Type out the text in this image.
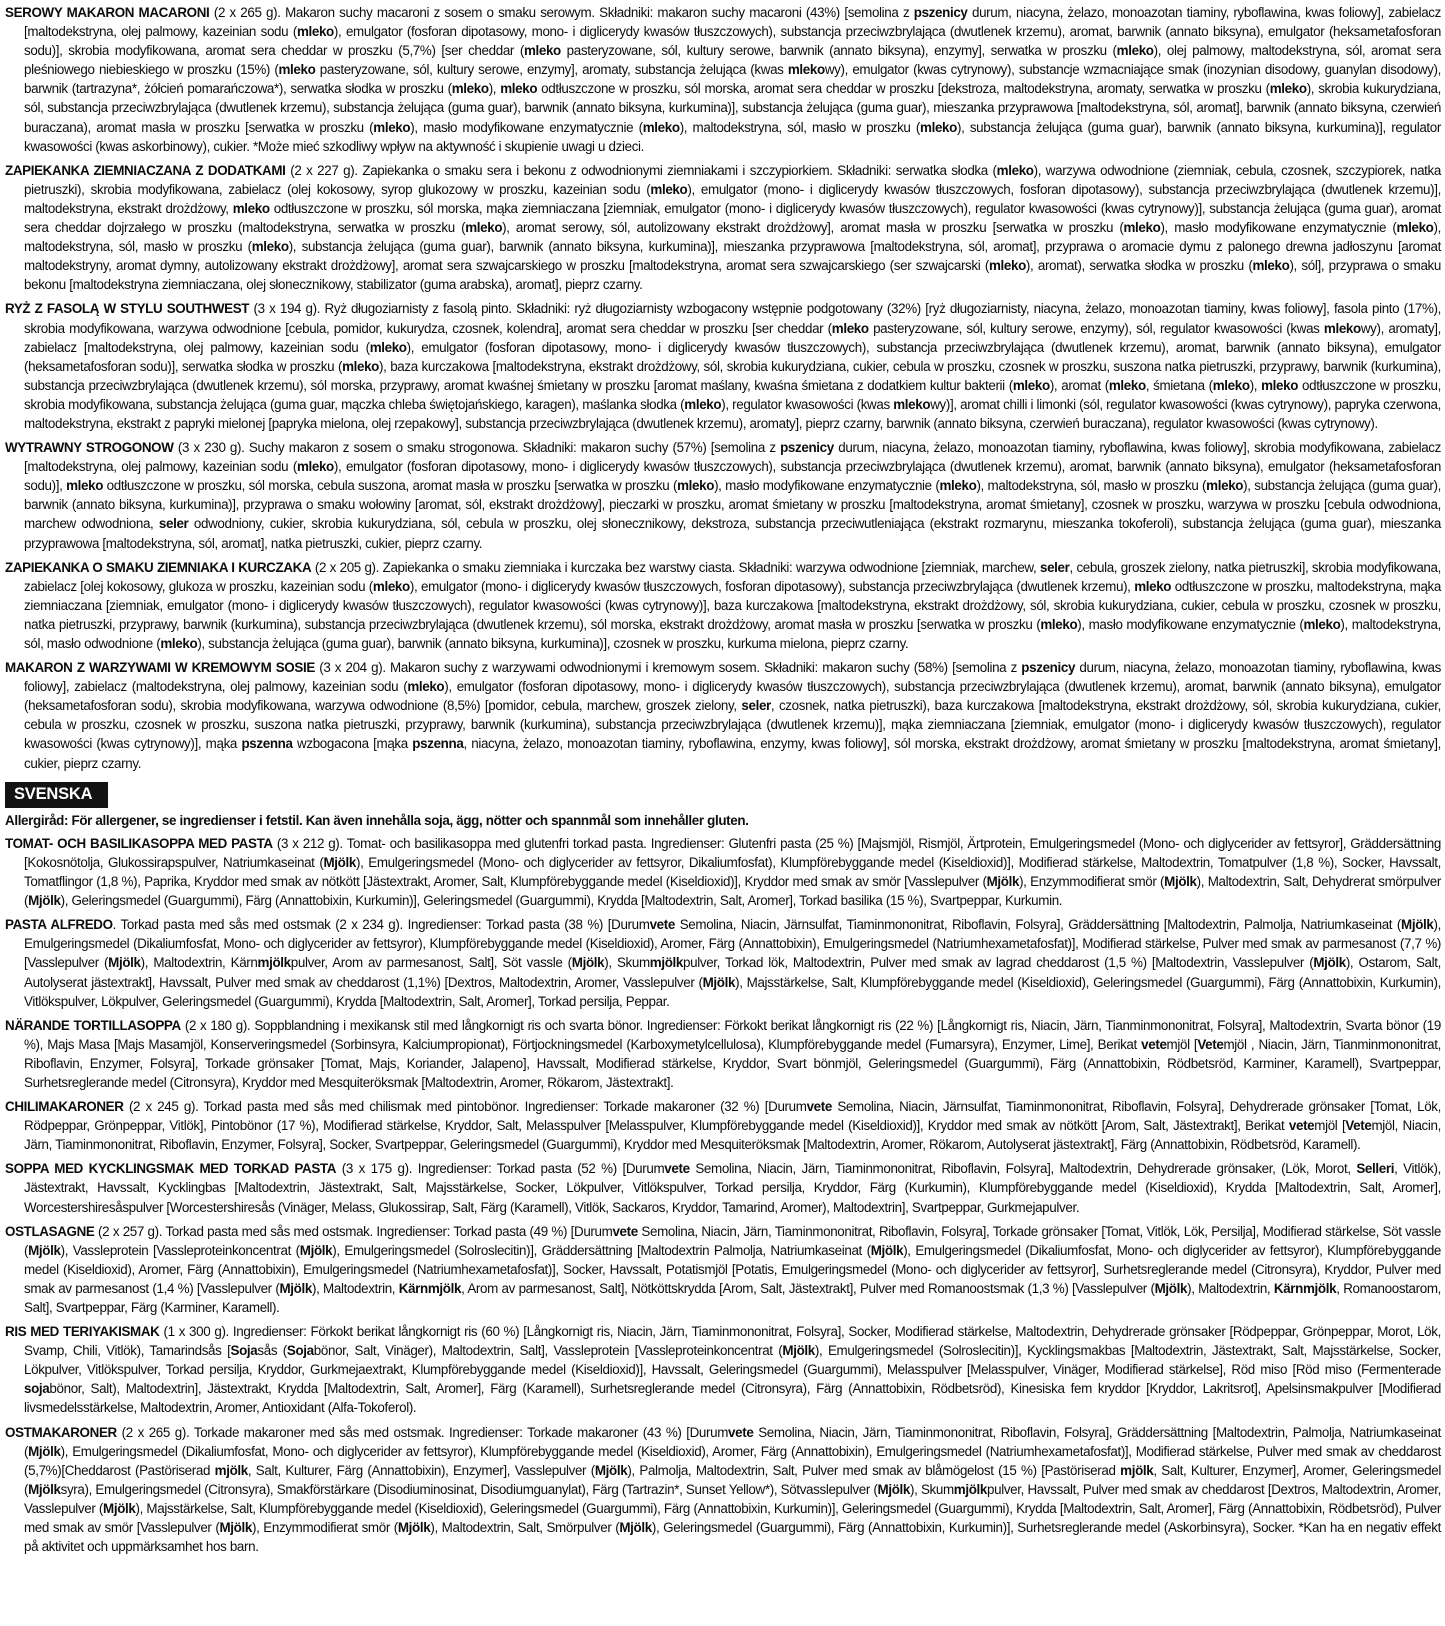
SEROWY MAKARON MACARONI (2 x 265 g). Makaron suchy macaroni z sosem o smaku serowym. Składniki: makaron suchy macaroni (43%) [semolina z pszenicy durum, niacyna, żelazo, monoazotan tiaminy, ryboflawina, kwas foliowy], zabielacz [maltodekstryna, olej palmowy, kazeinian sodu (mleko), emulgator (fosforan dipotasowy, mono- i diglicerydy kwasów tłuszczowych), substancja przeciwzbrylająca (dwutlenek krzemu), aromat, barwnik (annato biksyna), emulgator (heksametafosforan sodu)], skrobia modyfikowana, aromat sera cheddar w proszku (5,7%) [ser cheddar (mleko pasteryzowane, sól, kultury serowe, barwnik (annato biksyna), enzymy], serwatka w proszku (mleko), olej palmowy, maltodekstryna, sól, aromat sera pleśniowego niebieskiego w proszku (15%) (mleko pasteryzowane, sól, kultury serowe, enzymy], aromaty, substancja żelująca (kwas mlekowy), emulgator (kwas cytrynowy), substancje wzmacniające smak (inozynian disodowy, guanylan disodowy), barwnik (tartrazyna*, żółcień pomarańczowa*), serwatka słodka w proszku (mleko), mleko odtłuszczone w proszku, sól morska, aromat sera cheddar w proszku [dekstroza, maltodekstryna, aromaty, serwatka w proszku (mleko), skrobia kukurydziana, sól, substancja przeciwzbrylająca (dwutlenek krzemu), substancja żelująca (guma guar), barwnik (annato biksyna, kurkumina)], substancja żelująca (guma guar), mieszanka przyprawowa [maltodekstryna, sól, aromat], barwnik (annato biksyna, czerwień buraczana), aromat masła w proszku [serwatka w proszku (mleko), masło modyfikowane enzymatycznie (mleko), maltodekstryna, sól, masło w proszku (mleko), substancja żelująca (guma guar), barwnik (annato biksyna, kurkumina)], regulator kwasowości (kwas askorbinowy), cukier. *Może mieć szkodliwy wpływ na aktywność i skupienie uwagi u dzieci.

ZAPIEKANKA ZIEMNIACZANA Z DODATKAMI (2 x 227 g). Zapiekanka o smaku sera i bekonu z odwodnionymi ziemniakami i szczypiorkiem. Składniki: serwatka słodka (mleko), warzywa odwodnione (ziemniak, cebula, czosnek, szczypiorek, natka pietruszki), skrobia modyfikowana, zabielacz (olej kokosowy, syrop glukozowy w proszku, kazeinian sodu (mleko), emulgator (mono- i diglicerydy kwasów tłuszczowych, fosforan dipotasowy), substancja przeciwzbrylająca (dwutlenek krzemu)], maltodekstryna, ekstrakt drożdżowy, mleko odtłuszczone w proszku, sól morska, mąka ziemniaczana [ziemniak, emulgator (mono- i diglicerydy kwasów tłuszczowych), regulator kwasowości (kwas cytrynowy)], substancja żelująca (guma guar), aromat sera cheddar dojrzałego w proszku (maltodekstryna, serwatka w proszku (mleko), aromat serowy, sól, autolizowany ekstrakt drożdżowy], aromat masła w proszku [serwatka w proszku (mleko), masło modyfikowane enzymatycznie (mleko), maltodekstryna, sól, masło w proszku (mleko), substancja żelująca (guma guar), barwnik (annato biksyna, kurkumina)], mieszanka przyprawowa [maltodekstryna, sól, aromat], przyprawa o aromacie dymu z palonego drewna jadłoszynu [aromat maltodekstryny, aromat dymny, autolizowany ekstrakt drożdżowy], aromat sera szwajcarskiego w proszku [maltodekstryna, aromat sera szwajcarskiego (ser szwajcarski (mleko), aromat), serwatka słodka w proszku (mleko), sól], przyprawa o smaku bekonu [maltodekstryna ziemniaczana, olej słonecznikowy, stabilizator (guma arabska), aromat], pieprz czarny.

RYŻ Z FASOLĄ W STYLU SOUTHWEST (3 x 194 g). Ryż długoziarnisty z fasolą pinto. Składniki: ryż długoziarnisty wzbogacony wstępnie podgotowany (32%) [ryż długoziarnisty, niacyna, żelazo, monoazotan tiaminy, kwas foliowy], fasola pinto (17%), skrobia modyfikowana, warzywa odwodnione [cebula, pomidor, kukurydza, czosnek, kolendra], aromat sera cheddar w proszku [ser cheddar (mleko pasteryzowane, sól, kultury serowe, enzymy), sól, regulator kwasowości (kwas mlekowy), aromaty], zabielacz [maltodekstryna, olej palmowy, kazeinian sodu (mleko), emulgator (fosforan dipotasowy, mono- i diglicerydy kwasów tłuszczowych), substancja przeciwzbrylająca (dwutlenek krzemu), aromat, barwnik (annato biksyna), emulgator (heksametafosforan sodu)], serwatka słodka w proszku (mleko), baza kurczakowa [maltodekstryna, ekstrakt drożdżowy, sól, skrobia kukurydziana, cukier, cebula w proszku, czosnek w proszku, suszona natka pietruszki, przyprawy, barwnik (kurkumina), substancja przeciwzbrylająca (dwutlenek krzemu), sól morska, przyprawy, aromat kwaśnej śmietany w proszku [aromat maślany, kwaśna śmietana z dodatkiem kultur bakterii (mleko), aromat (mleko, śmietana (mleko), mleko odtłuszczone w proszku, skrobia modyfikowana, substancja żelująca (guma guar, mączka chleba świętojańskiego, karagen), maślanka słodka (mleko), regulator kwasowości (kwas mlekowy)], aromat chilli i limonki (sól, regulator kwasowości (kwas cytrynowy), papryka czerwona, maltodekstryna, ekstrakt z papryki mielonej [papryka mielona, olej rzepakowy], substancja przeciwzbrylająca (dwutlenek krzemu), aromaty], pieprz czarny, barwnik (annato biksyna, czerwień buraczana), regulator kwasowości (kwas cytrynowy).

WYTRAWNY STROGONOW (3 x 230 g). Suchy makaron z sosem o smaku strogonowa. Składniki: makaron suchy (57%) [semolina z pszenicy durum, niacyna, żelazo, monoazotan tiaminy, ryboflawina, kwas foliowy], skrobia modyfikowana, zabielacz [maltodekstryna, olej palmowy, kazeinian sodu (mleko), emulgator (fosforan dipotasowy, mono- i diglicerydy kwasów tłuszczowych), substancja przeciwzbrylająca (dwutlenek krzemu), aromat, barwnik (annato biksyna), emulgator (heksametafosforan sodu)], mleko odtłuszczone w proszku, sól morska, cebula suszona, aromat masła w proszku [serwatka w proszku (mleko), masło modyfikowane enzymatycznie (mleko), maltodekstryna, sól, masło w proszku (mleko), substancja żelująca (guma guar), barwnik (annato biksyna, kurkumina)], przyprawa o smaku wołowiny [aromat, sól, ekstrakt drożdżowy], pieczarki w proszku, aromat śmietany w proszku [maltodekstryna, aromat śmietany], czosnek w proszku, warzywa w proszku [cebula odwodniona, marchew odwodniona, seler odwodniony, cukier, skrobia kukurydziana, sól, cebula w proszku, olej słonecznikowy, dekstroza, substancja przeciwutleniająca (ekstrakt rozmarynu, mieszanka tokoferoli), substancja żelująca (guma guar), mieszanka przyprawowa [maltodekstryna, sól, aromat], natka pietruszki, cukier, pieprz czarny.

ZAPIEKANKA O SMAKU ZIEMNIAKA I KURCZAKA (2 x 205 g). Zapiekanka o smaku ziemniaka i kurczaka bez warstwy ciasta. Składniki: warzywa odwodnione [ziemniak, marchew, seler, cebula, groszek zielony, natka pietruszki], skrobia modyfikowana, zabielacz [olej kokosowy, glukoza w proszku, kazeinian sodu (mleko), emulgator (mono- i diglicerydy kwasów tłuszczowych, fosforan dipotasowy), substancja przeciwzbrylająca (dwutlenek krzemu), mleko odtłuszczone w proszku, maltodekstryna, mąka ziemniaczana [ziemniak, emulgator (mono- i diglicerydy kwasów tłuszczowych), regulator kwasowości (kwas cytrynowy)], baza kurczakowa [maltodekstryna, ekstrakt drożdżowy, sól, skrobia kukurydziana, cukier, cebula w proszku, czosnek w proszku, natka pietruszki, przyprawy, barwnik (kurkumina), substancja przeciwzbrylająca (dwutlenek krzemu), sól morska, ekstrakt drożdżowy, aromat masła w proszku [serwatka w proszku (mleko), masło modyfikowane enzymatycznie (mleko), maltodekstryna, sól, masło odwodnione (mleko), substancja żelująca (guma guar), barwnik (annato biksyna, kurkumina)], czosnek w proszku, kurkuma mielona, pieprz czarny.

MAKARON Z WARZYWAMI W KREMOWYM SOSIE (3 x 204 g). Makaron suchy z warzywami odwodnionymi i kremowym sosem. Składniki: makaron suchy (58%) [semolina z pszenicy durum, niacyna, żelazo, monoazotan tiaminy, ryboflawina, kwas foliowy], zabielacz (maltodekstryna, olej palmowy, kazeinian sodu (mleko), emulgator (fosforan dipotasowy, mono- i diglicerydy kwasów tłuszczowych), substancja przeciwzbrylająca (dwutlenek krzemu), aromat, barwnik (annato biksyna), emulgator (heksametafosforan sodu), skrobia modyfikowana, warzywa odwodnione (8,5%) [pomidor, cebula, marchew, groszek zielony, seler, czosnek, natka pietruszki), baza kurczakowa [maltodekstryna, ekstrakt drożdżowy, sól, skrobia kukurydziana, cukier, cebula w proszku, czosnek w proszku, suszona natka pietruszki, przyprawy, barwnik (kurkumina), substancja przeciwzbrylająca (dwutlenek krzemu)], mąka ziemniaczana [ziemniak, emulgator (mono- i diglicerydy kwasów tłuszczowych), regulator kwasowości (kwas cytrynowy)], mąka pszenna wzbogacona [mąka pszenna, niacyna, żelazo, monoazotan tiaminy, ryboflawina, enzymy, kwas foliowy], sól morska, ekstrakt drożdżowy, aromat śmietany w proszku [maltodekstryna, aromat śmietany], cukier, pieprz czarny.

SVENSKA
Allergiråd: För allergener, se ingredienser i fetstil. Kan även innehålla soja, ägg, nötter och spannmål som innehåller gluten.

TOMAT- OCH BASILIKASOPPA MED PASTA (3 x 212 g). Tomat- och basilikasoppa med glutenfri torkad pasta. Ingredienser: Glutenfri pasta (25 %) [Majsmjöl, Rismjöl, Ärtprotein, Emulgeringsmedel (Mono- och diglycerider av fettsyror], Gräddersättning [Kokosnötolja, Glukossirapspulver, Natriumkaseinat (Mjölk), Emulgeringsmedel (Mono- och diglycerider av fettsyror, Dikaliumfosfat), Klumpförebyggande medel (Kiseldioxid)], Modifierad stärkelse, Maltodextrin, Tomatpulver (1,8 %), Socker, Havssalt, Tomatflingor (1,8 %), Paprika, Kryddor med smak av nötkött [Jästextrakt, Aromer, Salt, Klumpförebyggande medel (Kiseldioxid)], Kryddor med smak av smör [Vasslepulver (Mjölk), Enzymmodifierat smör (Mjölk), Maltodextrin, Salt, Dehydrerat smörpulver (Mjölk), Geleringsmedel (Guargummi), Färg (Annattobixin, Kurkumin)], Geleringsmedel (Guargummi), Krydda [Maltodextrin, Salt, Aromer], Torkad basilika (15 %), Svartpeppar, Kurkumin.

PASTA ALFREDO. Torkad pasta med sås med ostsmak (2 x 234 g). Ingredienser: Torkad pasta (38 %) [Durumvete Semolina, Niacin, Järnsulfat, Tiaminmononitrat, Riboflavin, Folsyra], Gräddersättning [Maltodextrin, Palmolja, Natriumkaseinat (Mjölk), Emulgeringsmedel (Dikaliumfosfat, Mono- och diglycerider av fettsyror), Klumpförebyggande medel (Kiseldioxid), Aromer, Färg (Annattobixin), Emulgeringsmedel (Natriumhexametafosfat)], Modifierad stärkelse, Pulver med smak av parmesanost (7,7 %) [Vasslepulver (Mjölk), Maltodextrin, Kärnmjölkpulver, Arom av parmesanost, Salt], Söt vassle (Mjölk), Skummjölkpulver, Torkad lök, Maltodextrin, Pulver med smak av lagrad cheddarost (1,5 %) [Maltodextrin, Vasslepulver (Mjölk), Ostarom, Salt, Autolyserat jästextrakt], Havssalt, Pulver med smak av cheddarost (1,1%) [Dextros, Maltodextrin, Aromer, Vasslepulver (Mjölk), Majsstärkelse, Salt, Klumpförebyggande medel (Kiseldioxid), Geleringsmedel (Guargummi), Färg (Annattobixin, Kurkumin), Vitlökspulver, Lökpulver, Geleringsmedel (Guargummi), Krydda [Maltodextrin, Salt, Aromer], Torkad persilja, Peppar.

NÄRANDE TORTILLASOPPA (2 x 180 g). Soppblandning i mexikansk stil med långkornigt ris och svarta bönor. Ingredienser: Förkokt berikat långkornigt ris (22 %) [Långkornigt ris, Niacin, Järn, Tianminmononitrat, Folsyra], Maltodextrin, Svarta bönor (19 %), Majs Masa [Majs Masamjöl, Konserveringsmedel (Sorbinsyra, Kalciumpropionat), Förtjockningsmedel (Karboxymetylcellulosa), Klumpförebyggande medel (Fumarsyra), Enzymer, Lime], Berikat vetemjöl [Vetemjöl , Niacin, Järn, Tianminmononitrat, Riboflavin, Enzymer, Folsyra], Torkade grönsaker [Tomat, Majs, Koriander, Jalapeno], Havssalt, Modifierad stärkelse, Kryddor, Svart bönmjöl, Geleringsmedel (Guargummi), Färg (Annattobixin, Rödbetsröd, Karminer, Karamell), Svartpeppar, Surhetsreglerande medel (Citronsyra), Kryddor med Mesquiteröksmak [Maltodextrin, Aromer, Rökarom, Jästextrakt].

CHILIMAKARONER (2 x 245 g). Torkad pasta med sås med chilismak med pintobönor. Ingredienser: Torkade makaroner (32 %) [Durumvete Semolina, Niacin, Järnsulfat, Tiaminmononitrat, Riboflavin, Folsyra], Dehydrerade grönsaker [Tomat, Lök, Rödpeppar, Grönpeppar, Vitlök], Pintobönor (17 %), Modifierad stärkelse, Kryddor, Salt, Melasspulver [Melasspulver, Klumpförebyggande medel (Kiseldioxid)], Kryddor med smak av nötkött [Arom, Salt, Jästextrakt], Berikat vetemjöl [Vetemjöl, Niacin, Järn, Tiaminmononitrat, Riboflavin, Enzymer, Folsyra], Socker, Svartpeppar, Geleringsmedel (Guargummi), Kryddor med Mesquiteröksmak [Maltodextrin, Aromer, Rökarom, Autolyserat jästextrakt], Färg (Annattobixin, Rödbetsröd, Karamell).

SOPPA MED KYCKLINGSMAK MED TORKAD PASTA (3 x 175 g). Ingredienser: Torkad pasta (52 %) [Durumvete Semolina, Niacin, Järn, Tiaminmononitrat, Riboflavin, Folsyra], Maltodextrin, Dehydrerade grönsaker, (Lök, Morot, Selleri, Vitlök), Jästextrakt, Havssalt, Kycklingbas [Maltodextrin, Jästextrakt, Salt, Majsstärkelse, Socker, Lökpulver, Vitlökspulver, Torkad persilja, Kryddor, Färg (Kurkumin), Klumpförebyggande medel (Kiseldioxid), Krydda [Maltodextrin, Salt, Aromer], Worcestershiresåspulver [Worcestershiresås (Vinäger, Melass, Glukossirap, Salt, Färg (Karamell), Vitlök, Sackaros, Kryddor, Tamarind, Aromer), Maltodextrin], Svartpeppar, Gurkmejapulver.

OSTLASAGNE (2 x 257 g). Torkad pasta med sås med ostsmak. Ingredienser: Torkad pasta (49 %) [Durumvete Semolina, Niacin, Järn, Tiaminmononitrat, Riboflavin, Folsyra], Torkade grönsaker [Tomat, Vitlök, Lök, Persilja], Modifierad stärkelse, Söt vassle (Mjölk), Vassleprotein [Vassleproteinkoncentrat (Mjölk), Emulgeringsmedel (Solroslecitin)], Gräddersättning [Maltodextrin Palmolja, Natriumkaseinat (Mjölk), Emulgeringsmedel (Dikaliumfosfat, Mono- och diglycerider av fettsyror), Klumpförebyggande medel (Kiseldioxid), Aromer, Färg (Annattobixin), Emulgeringsmedel (Natriumhexametafosfat)], Socker, Havssalt, Potatismjöl [Potatis, Emulgeringsmedel (Mono- och diglycerider av fettsyror], Surhetsreglerande medel (Citronsyra), Kryddor, Pulver med smak av parmesanost (1,4 %) [Vasslepulver (Mjölk), Maltodextrin, Kärnmjölk, Arom av parmesanost, Salt], Nötköttskrydda [Arom, Salt, Jästextrakt], Pulver med Romanoostsmak (1,3 %) [Vasslepulver (Mjölk), Maltodextrin, Kärnmjölk, Romanoostarom, Salt], Svartpeppar, Färg (Karminer, Karamell).

RIS MED TERIYAKISMAK (1 x 300 g). Ingredienser: Förkokt berikat långkornigt ris (60 %) [Långkornigt ris, Niacin, Järn, Tiaminmononitrat, Folsyra], Socker, Modifierad stärkelse, Maltodextrin, Dehydrerade grönsaker [Rödpeppar, Grönpeppar, Morot, Lök, Svamp, Chili, Vitlök), Tamarindsås [Sojasås (Sojabönor, Salt, Vinäger), Maltodextrin, Salt], Vassleprotein [Vassleproteinkoncentrat (Mjölk), Emulgeringsmedel (Solroslecitin)], Kycklingsmakbas [Maltodextrin, Jästextrakt, Salt, Majsstärkelse, Socker, Lökpulver, Vitlökspulver, Torkad persilja, Kryddor, Gurkmejaextrakt, Klumpförebyggande medel (Kiseldioxid)], Havssalt, Geleringsmedel (Guargummi), Melasspulver [Melasspulver, Vinäger, Modifierad stärkelse], Röd miso [Röd miso (Fermenterade sojabönor, Salt), Maltodextrin], Jästextrakt, Krydda [Maltodextrin, Salt, Aromer], Färg (Karamell), Surhetsreglerande medel (Citronsyra), Färg (Annattobixin, Rödbetsröd), Kinesiska fem kryddor [Kryddor, Lakritsrot], Apelsinsmakpulver [Modifierad livsmedelsstärkelse, Maltodextrin, Aromer, Antioxidant (Alfa-Tokoferol).

OSTMAKARONER (2 x 265 g). Torkade makaroner med sås med ostsmak. Ingredienser: Torkade makaroner (43 %) [Durumvete Semolina, Niacin, Järn, Tiaminmononitrat, Riboflavin, Folsyra], Gräddersättning [Maltodextrin, Palmolja, Natriumkaseinat (Mjölk), Emulgeringsmedel (Dikaliumfosfat, Mono- och diglycerider av fettsyror), Klumpförebyggande medel (Kiseldioxid), Aromer, Färg (Annattobixin), Emulgeringsmedel (Natriumhexametafosfat)], Modifierad stärkelse, Pulver med smak av cheddarost (5,7%)[Cheddarost (Pastöriserad mjölk, Salt, Kulturer, Färg (Annattobixin), Enzymer], Vasslepulver (Mjölk), Palmolja, Maltodextrin, Salt, Pulver med smak av blåmögelost (15 %) [Pastöriserad mjölk, Salt, Kulturer, Enzymer], Aromer, Geleringsmedel (Mjölksyra), Emulgeringsmedel (Citronsyra), Smakförstärkare (Disodiuminosinat, Disodiumguanylat), Färg (Tartrazin*, Sunset Yellow*), Sötvasslepulver (Mjölk), Skummjölkpulver, Havssalt, Pulver med smak av cheddarost [Dextros, Maltodextrin, Aromer, Vasslepulver (Mjölk), Majsstärkelse, Salt, Klumpförebyggande medel (Kiseldioxid), Geleringsmedel (Guargummi), Färg (Annattobixin, Kurkumin)], Geleringsmedel (Guargummi), Krydda [Maltodextrin, Salt, Aromer], Färg (Annattobixin, Rödbetsröd), Pulver med smak av smör [Vasslepulver (Mjölk), Enzymmodifierat smör (Mjölk), Maltodextrin, Salt, Smörpulver (Mjölk), Geleringsmedel (Guargummi), Färg (Annattobixin, Kurkumin)], Surhetsreglerande medel (Askorbinsyra), Socker. *Kan ha en negativ effekt på aktivitet och uppmärksamhet hos barn.
